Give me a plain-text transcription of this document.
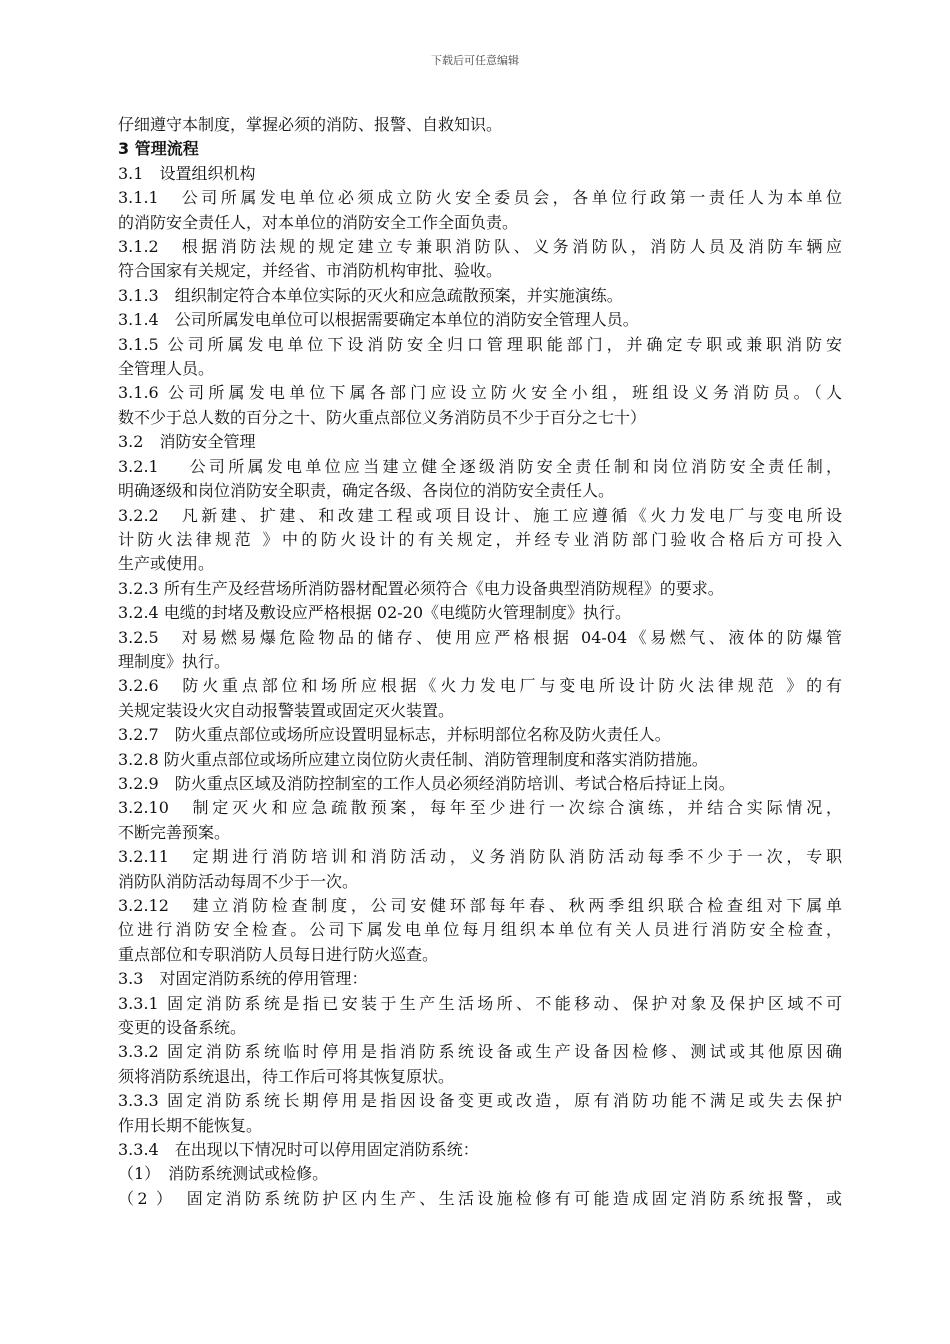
下载后可任意编辑
仔细遵守本制度，掌握必须的消防、报警、自救知识。
3 管理流程
3.1　设置组织机构
3.1.1　公司所属发电单位必须成立防火安全委员会，各单位行政第一责任人为本单位
的消防安全责任人，对本单位的消防安全工作全面负责。
3.1.2　根据消防法规的规定建立专兼职消防队、义务消防队，消防人员及消防车辆应
符合国家有关规定，并经省、市消防机构审批、验收。
3.1.3　组织制定符合本单位实际的灭火和应急疏散预案，并实施演练。
3.1.4　公司所属发电单位可以根据需要确定本单位的消防安全管理人员。
3.1.5 公司所属发电单位下设消防安全归口管理职能部门，并确定专职或兼职消防安
全管理人员。
3.1.6 公司所属发电单位下属各部门应设立防火安全小组，班组设义务消防员。（人
数不少于总人数的百分之十、防火重点部位义务消防员不少于百分之七十）
3.2　消防安全管理
3.2.1　 公司所属发电单位应当建立健全逐级消防安全责任制和岗位消防安全责任制，
明确逐级和岗位消防安全职责，确定各级、各岗位的消防安全责任人。
3.2.2　凡新建、扩建、和改建工程或项目设计、施工应遵循《火力发电厂与变电所设
计防火法律规范 》中的防火设计的有关规定，并经专业消防部门验收合格后方可投入
生产或使用。
3.2.3 所有生产及经营场所消防器材配置必须符合《电力设备典型消防规程》的要求。
3.2.4 电缆的封堵及敷设应严格根据 02-20《电缆防火管理制度》执行。
3.2.5　对易燃易爆危险物品的储存、使用应严格根据 04-04《易燃气、液体的防爆管
理制度》执行。
3.2.6　防火重点部位和场所应根据《火力发电厂与变电所设计防火法律规范 》的有
关规定装设火灾自动报警装置或固定灭火装置。
3.2.7　防火重点部位或场所应设置明显标志，并标明部位名称及防火责任人。
3.2.8 防火重点部位或场所应建立岗位防火责任制、消防管理制度和落实消防措施。
3.2.9　防火重点区域及消防控制室的工作人员必须经消防培训、考试合格后持证上岗。
3.2.10　制定灭火和应急疏散预案，每年至少进行一次综合演练，并结合实际情况，
不断完善预案。
3.2.11　定期进行消防培训和消防活动，义务消防队消防活动每季不少于一次，专职
消防队消防活动每周不少于一次。
3.2.12　建立消防检查制度，公司安健环部每年春、秋两季组织联合检查组对下属单
位进行消防安全检查。公司下属发电单位每月组织本单位有关人员进行消防安全检查，
重点部位和专职消防人员每日进行防火巡查。
3.3　对固定消防系统的停用管理：
3.3.1 固定消防系统是指已安装于生产生活场所、不能移动、保护对象及保护区域不可
变更的设备系统。
3.3.2 固定消防系统临时停用是指消防系统设备或生产设备因检修、测试或其他原因确
须将消防系统退出，待工作后可将其恢复原状。
3.3.3 固定消防系统长期停用是指因设备变更或改造，原有消防功能不满足或失去保护
作用长期不能恢复。
3.3.4　在出现以下情况时可以停用固定消防系统：
（1）　消防系统测试或检修。
（2 ）　固定消防系统防护区内生产、生活设施检修有可能造成固定消防系统报警，或
